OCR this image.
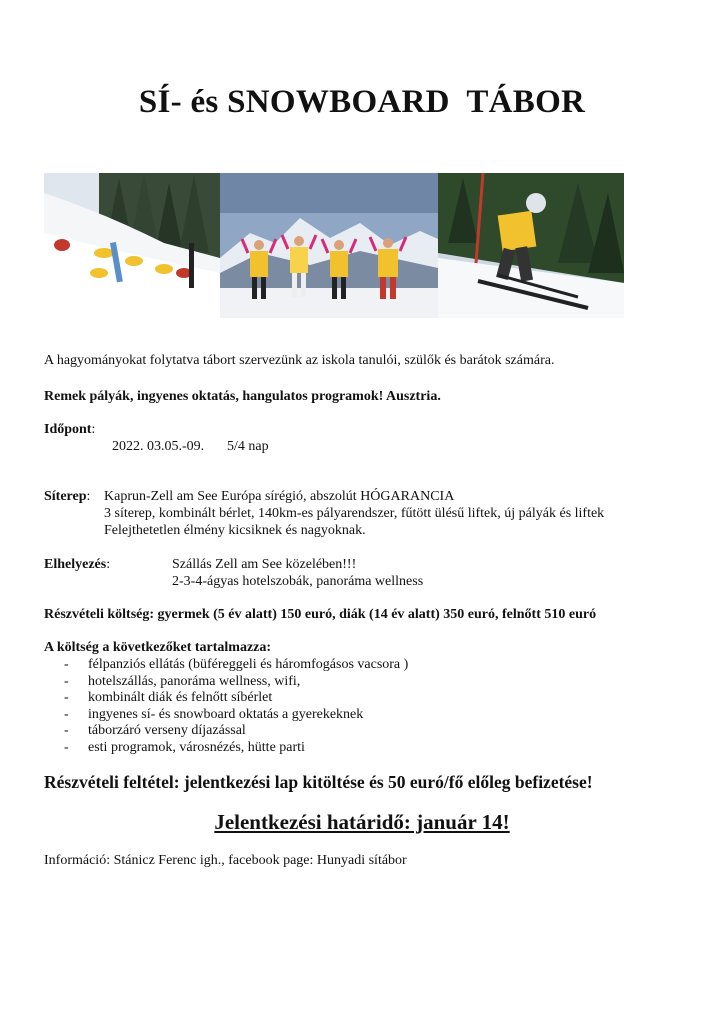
SÍ- és SNOWBOARD  TÁBOR
A hagyományokat folytatva tábort szervezünk az iskola tanulói, szülők és barátok számára.
Remek pályák, ingyenes oktatás, hangulatos programok! Ausztria.
Időpont:
2022. 03.05.-09. 5/4 nap
Síterep: Kaprun-Zell am See Európa sírégió, abszolút HÓGARANCIA
3 síterep, kombinált bérlet, 140km-es pályarendszer, fűtött ülésű liftek, új pályák és liftek
Felejthetetlen élmény kicsiknek és nagyoknak.
Elhelyezés:	Szállás Zell am See közelében!!!
2-3-4-ágyas hotelszobák, panoráma wellness
Részvételi költség: gyermek (5 év alatt) 150 euró, diák (14 év alatt) 350 euró, felnőtt 510 euró
A költség a következőket tartalmazza:
- félpanziós ellátás (büféreggeli és háromfogásos vacsora )
- hotelszállás, panoráma wellness, wifi,
- kombinált diák és felnőtt síbérlet
- ingyenes sí- és snowboard oktatás a gyerekeknek
- táborzáró verseny díjazással
- esti programok, városnézés, hütte parti
Részvételi feltétel: jelentkezési lap kitöltése és 50 euró/fő előleg befizetése!
Jelentkezési határidő: január 14!
Információ: Stánicz Ferenc igh., facebook page: Hunyadi sítábor
